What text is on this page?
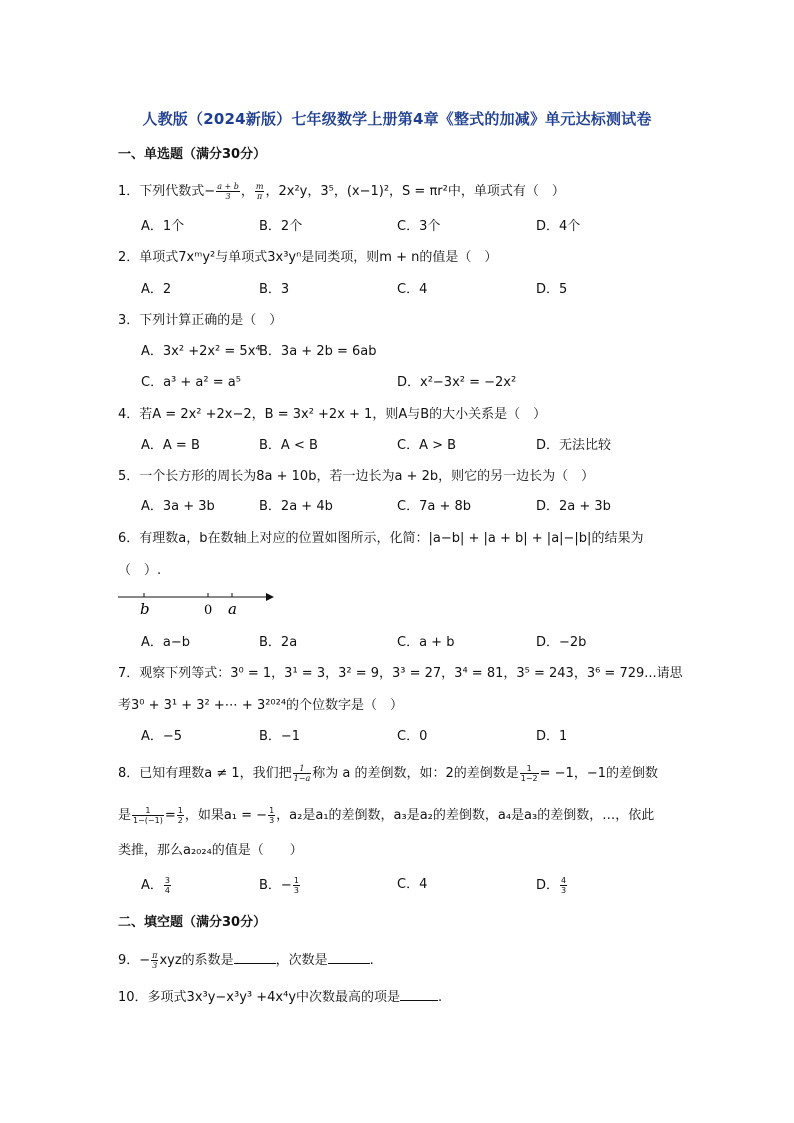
人教版（2024新版）七年级数学上册第4章《整式的加减》单元达标测试卷
一、单选题（满分30分）
1．下列代数式− $\frac{a + b}{3}$ ， $\frac{m}{\pi}$ ，2x²y，3⁵，(x−1)²，S = πr²中，单项式有（　）
A．1个	B．2个	C．3个	D．4个
2．单项式7xᵐy²与单项式3x³yⁿ是同类项，则m + n的值是（　）
A．2	B．3	C．4	D．5
3．下列计算正确的是（　）
A．3x² +2x² = 5x⁴
B．3a + 2b = 6ab
C．a³ + a² = a⁵	D．x²−3x² = −2x²
4．若A = 2x² +2x−2，B = 3x² +2x + 1，则A与B的大小关系是（　）
A．A = B	B．A < B	C．A > B	D．无法比较
5．一个长方形的周长为8a + 10b，若一边长为a + 2b，则它的另一边长为（　）
A．3a + 3b	B．2a + 4b	C．7a + 8b	D．2a + 3b
6．有理数a，b在数轴上对应的位置如图所示，化简：|a−b| + |a + b| + |a|−|b|的结果为
（　）.
b	0 a
A．a−b	B．2a	C．a + b	D．−2b
7．观察下列等式：3⁰ = 1，3¹ = 3，3² = 9，3³ = 27，3⁴ = 81，3⁵ = 243，3⁶ = 729...请思
考3⁰ + 3¹ + 3² +⋯ + 3²⁰²⁴的个位数字是（　）
A．−5	B．−1	C．0	D．1
8．已知有理数a ≠ 1，我们把 $\frac{1}{1-a}$ 称为 a 的差倒数，如：2的差倒数是 $\frac{1}{1-2} = -1$，−1的差倒数
是 $\frac{1}{1-(-1)} = \frac{1}{2}$ ，如果a₁ = − $\frac{1}{3}$ ，a₂是a₁的差倒数，a₃是a₂的差倒数，a₄是a₃的差倒数，…，依此
类推，那么a₂₀₂₄的值是（　　）
A． $\frac{3}{4}$	B．− $\frac{1}{3}$	C．4	D． $\frac{4}{3}$
二、填空题（满分30分）
9．− $\frac{\pi}{3}$ xyz的系数是	，次数是	.
10．多项式3x³y−x³y³ +4x⁴y中次数最高的项是	.
